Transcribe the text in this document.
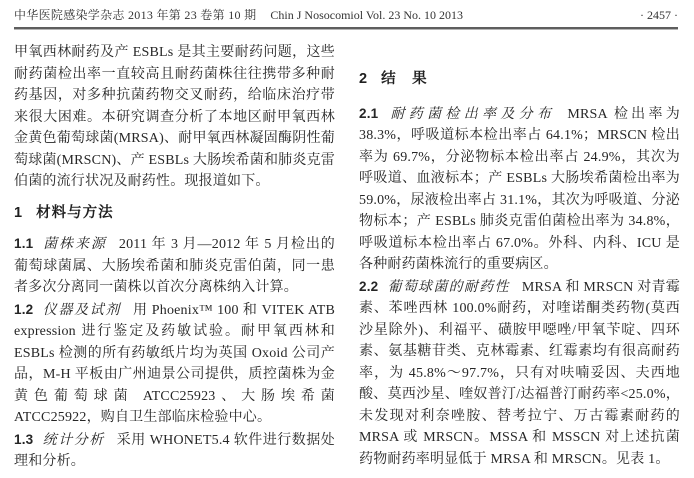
中华医院感染学杂志 2013 年第 23 卷第 10 期 Chin J Nosocomiol Vol. 23 No. 10 2013	· 2457 ·

甲氧西林耐药及产 ESBLs 是其主要耐药问题，这些耐药菌检出率一直较高且耐药菌株往往携带多种耐药基因，对多种抗菌药物交叉耐药，给临床治疗带来很大困难。本研究调查分析了本地区耐甲氧西林金黄色葡萄球菌(MRSA)、耐甲氧西林凝固酶阴性葡萄球菌(MRSCN)、产 ESBLs 大肠埃希菌和肺炎克雷伯菌的流行状况及耐药性。现报道如下。

1 材料与方法

1.1 菌株来源 2011 年 3 月—2012 年 5 月检出的葡萄球菌属、大肠埃希菌和肺炎克雷伯菌，同一患者多次分离同一菌株以首次分离株纳入计算。

1.2 仪器及试剂 用 Phoenix™ 100 和 VITEK ATB expression 进行鉴定及药敏试验。耐甲氧西林和 ESBLs 检测的所有药敏纸片均为英国 Oxoid 公司产品，M-H 平板由广州迪景公司提供，质控菌株为金黄色葡萄球菌 ATCC25923、大肠埃希菌 ATCC25922，购自卫生部临床检验中心。

1.3 统计分析 采用 WHONET5.4 软件进行数据处理和分析。

2 结　果

2.1 耐药菌检出率及分布 MRSA 检出率为 38.3%，呼吸道标本检出率占 64.1%；MRSCN 检出率为 69.7%，分泌物标本检出率占 24.9%，其次为呼吸道、血液标本；产 ESBLs 大肠埃希菌检出率为 59.0%，尿液检出率占 31.1%，其次为呼吸道、分泌物标本；产 ESBLs 肺炎克雷伯菌检出率为 34.8%，呼吸道标本检出率占 67.0%。外科、内科、ICU 是各种耐药菌株流行的重要病区。

2.2 葡萄球菌的耐药性 MRSA 和 MRSCN 对青霉素、苯唑西林 100.0%耐药，对喹诺酮类药物(莫西沙星除外)、利福平、磺胺甲噁唑/甲氧苄啶、四环素、氨基糖苷类、克林霉素、红霉素均有很高耐药率，为 45.8%～97.7%，只有对呋喃妥因、夫西地酸、莫西沙星、喹奴普汀/达福普汀耐药率<25.0%，未发现对利奈唑胺、替考拉宁、万古霉素耐药的 MRSA 或 MRSCN。MSSA 和 MSSCN 对上述抗菌药物耐药率明显低于 MRSA 和 MRSCN。见表 1。
